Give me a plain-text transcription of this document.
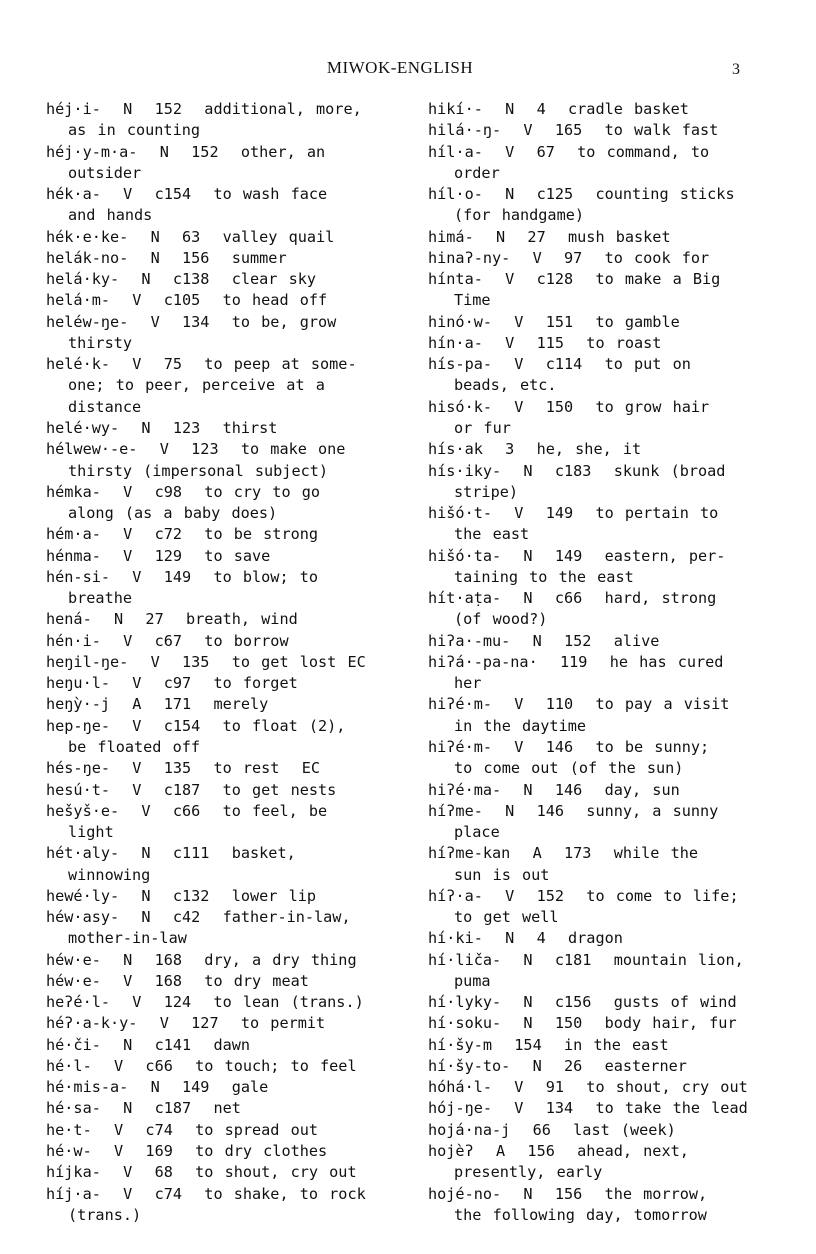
MIWOK-ENGLISH	3
héj·i-  N  152  additional, more,
as in counting
héj·y-m·a-  N  152  other, an
outsider
hék·a-  V  c154  to wash face
and hands
hék·e·ke-  N  63  valley quail
helák-no-  N  156  summer
helá·ky-  N  c138  clear sky
helá·m-  V  c105  to head off
heléw-ŋe-  V  134  to be, grow
thirsty
helé·k-  V  75  to peep at some-
one; to peer, perceive at a
distance
helé·wy-  N  123  thirst
hélwew·-e-  V  123  to make one
thirsty (impersonal subject)
hémka-  V  c98  to cry to go
along (as a baby does)
hém·a-  V  c72  to be strong
hénma-  V  129  to save
hén-si-  V  149  to blow; to
breathe
hená-  N  27  breath, wind
hén·i-  V  c67  to borrow
heŋil-ŋe-  V  135  to get lost EC
heŋu·l-  V  c97  to forget
heŋỳ·-j  A  171  merely
hep-ŋe-  V  c154  to float (2),
be floated off
hés-ŋe-  V  135  to rest  EC
hesú·t-  V  c187  to get nests
hešyš·e-  V  c66  to feel, be
light
hét·aly-  N  c111  basket,
winnowing
hewé·ly-  N  c132  lower lip
héw·asy-  N  c42  father-in-law,
mother-in-law
héw·e-  N  168  dry, a dry thing
héw·e-  V  168  to dry meat
heʔé·l-  V  124  to lean (trans.)
héʔ·a-k·y-  V  127  to permit
hé·či-  N  c141  dawn
hé·l-  V  c66  to touch; to feel
hé·mis-a-  N  149  gale
hé·sa-  N  c187  net
he·t-  V  c74  to spread out
hé·w-  V  169  to dry clothes
híjka-  V  68  to shout, cry out
híj·a-  V  c74  to shake, to rock
(trans.)
hikí·-  N  4  cradle basket
hilá·-ŋ-  V  165  to walk fast
híl·a-  V  67  to command, to
order
híl·o-  N  c125  counting sticks
(for handgame)
himá-  N  27  mush basket
hinaʔ-ny-  V  97  to cook for
hínta-  V  c128  to make a Big
Time
hinó·w-  V  151  to gamble
hín·a-  V  115  to roast
hís-pa-  V  c114  to put on
beads, etc.
hisó·k-  V  150  to grow hair
or fur
hís·ak  3  he, she, it
hís·iky-  N  c183  skunk (broad
stripe)
hišó·t-  V  149  to pertain to
the east
hišó·ta-  N  149  eastern, per-
taining to the east
hít·aṭa-  N  c66  hard, strong
(of wood?)
hiʔa·-mu-  N  152  alive
hiʔá·-pa-na·  119  he has cured
her
hiʔé·m-  V  110  to pay a visit
in the daytime
hiʔé·m-  V  146  to be sunny;
to come out (of the sun)
hiʔé·ma-  N  146  day, sun
híʔme-  N  146  sunny, a sunny
place
híʔme-kan  A  173  while the
sun is out
híʔ·a-  V  152  to come to life;
to get well
hí·ki-  N  4  dragon
hí·liča-  N  c181  mountain lion,
puma
hí·lyky-  N  c156  gusts of wind
hí·soku-  N  150  body hair, fur
hí·šy-m  154  in the east
hí·šy-to-  N  26  easterner
hóhá·l-  V  91  to shout, cry out
hój-ŋe-  V  134  to take the lead
hojá·na-j  66  last (week)
hojèʔ  A  156  ahead, next,
presently, early
hojé-no-  N  156  the morrow,
the following day, tomorrow
